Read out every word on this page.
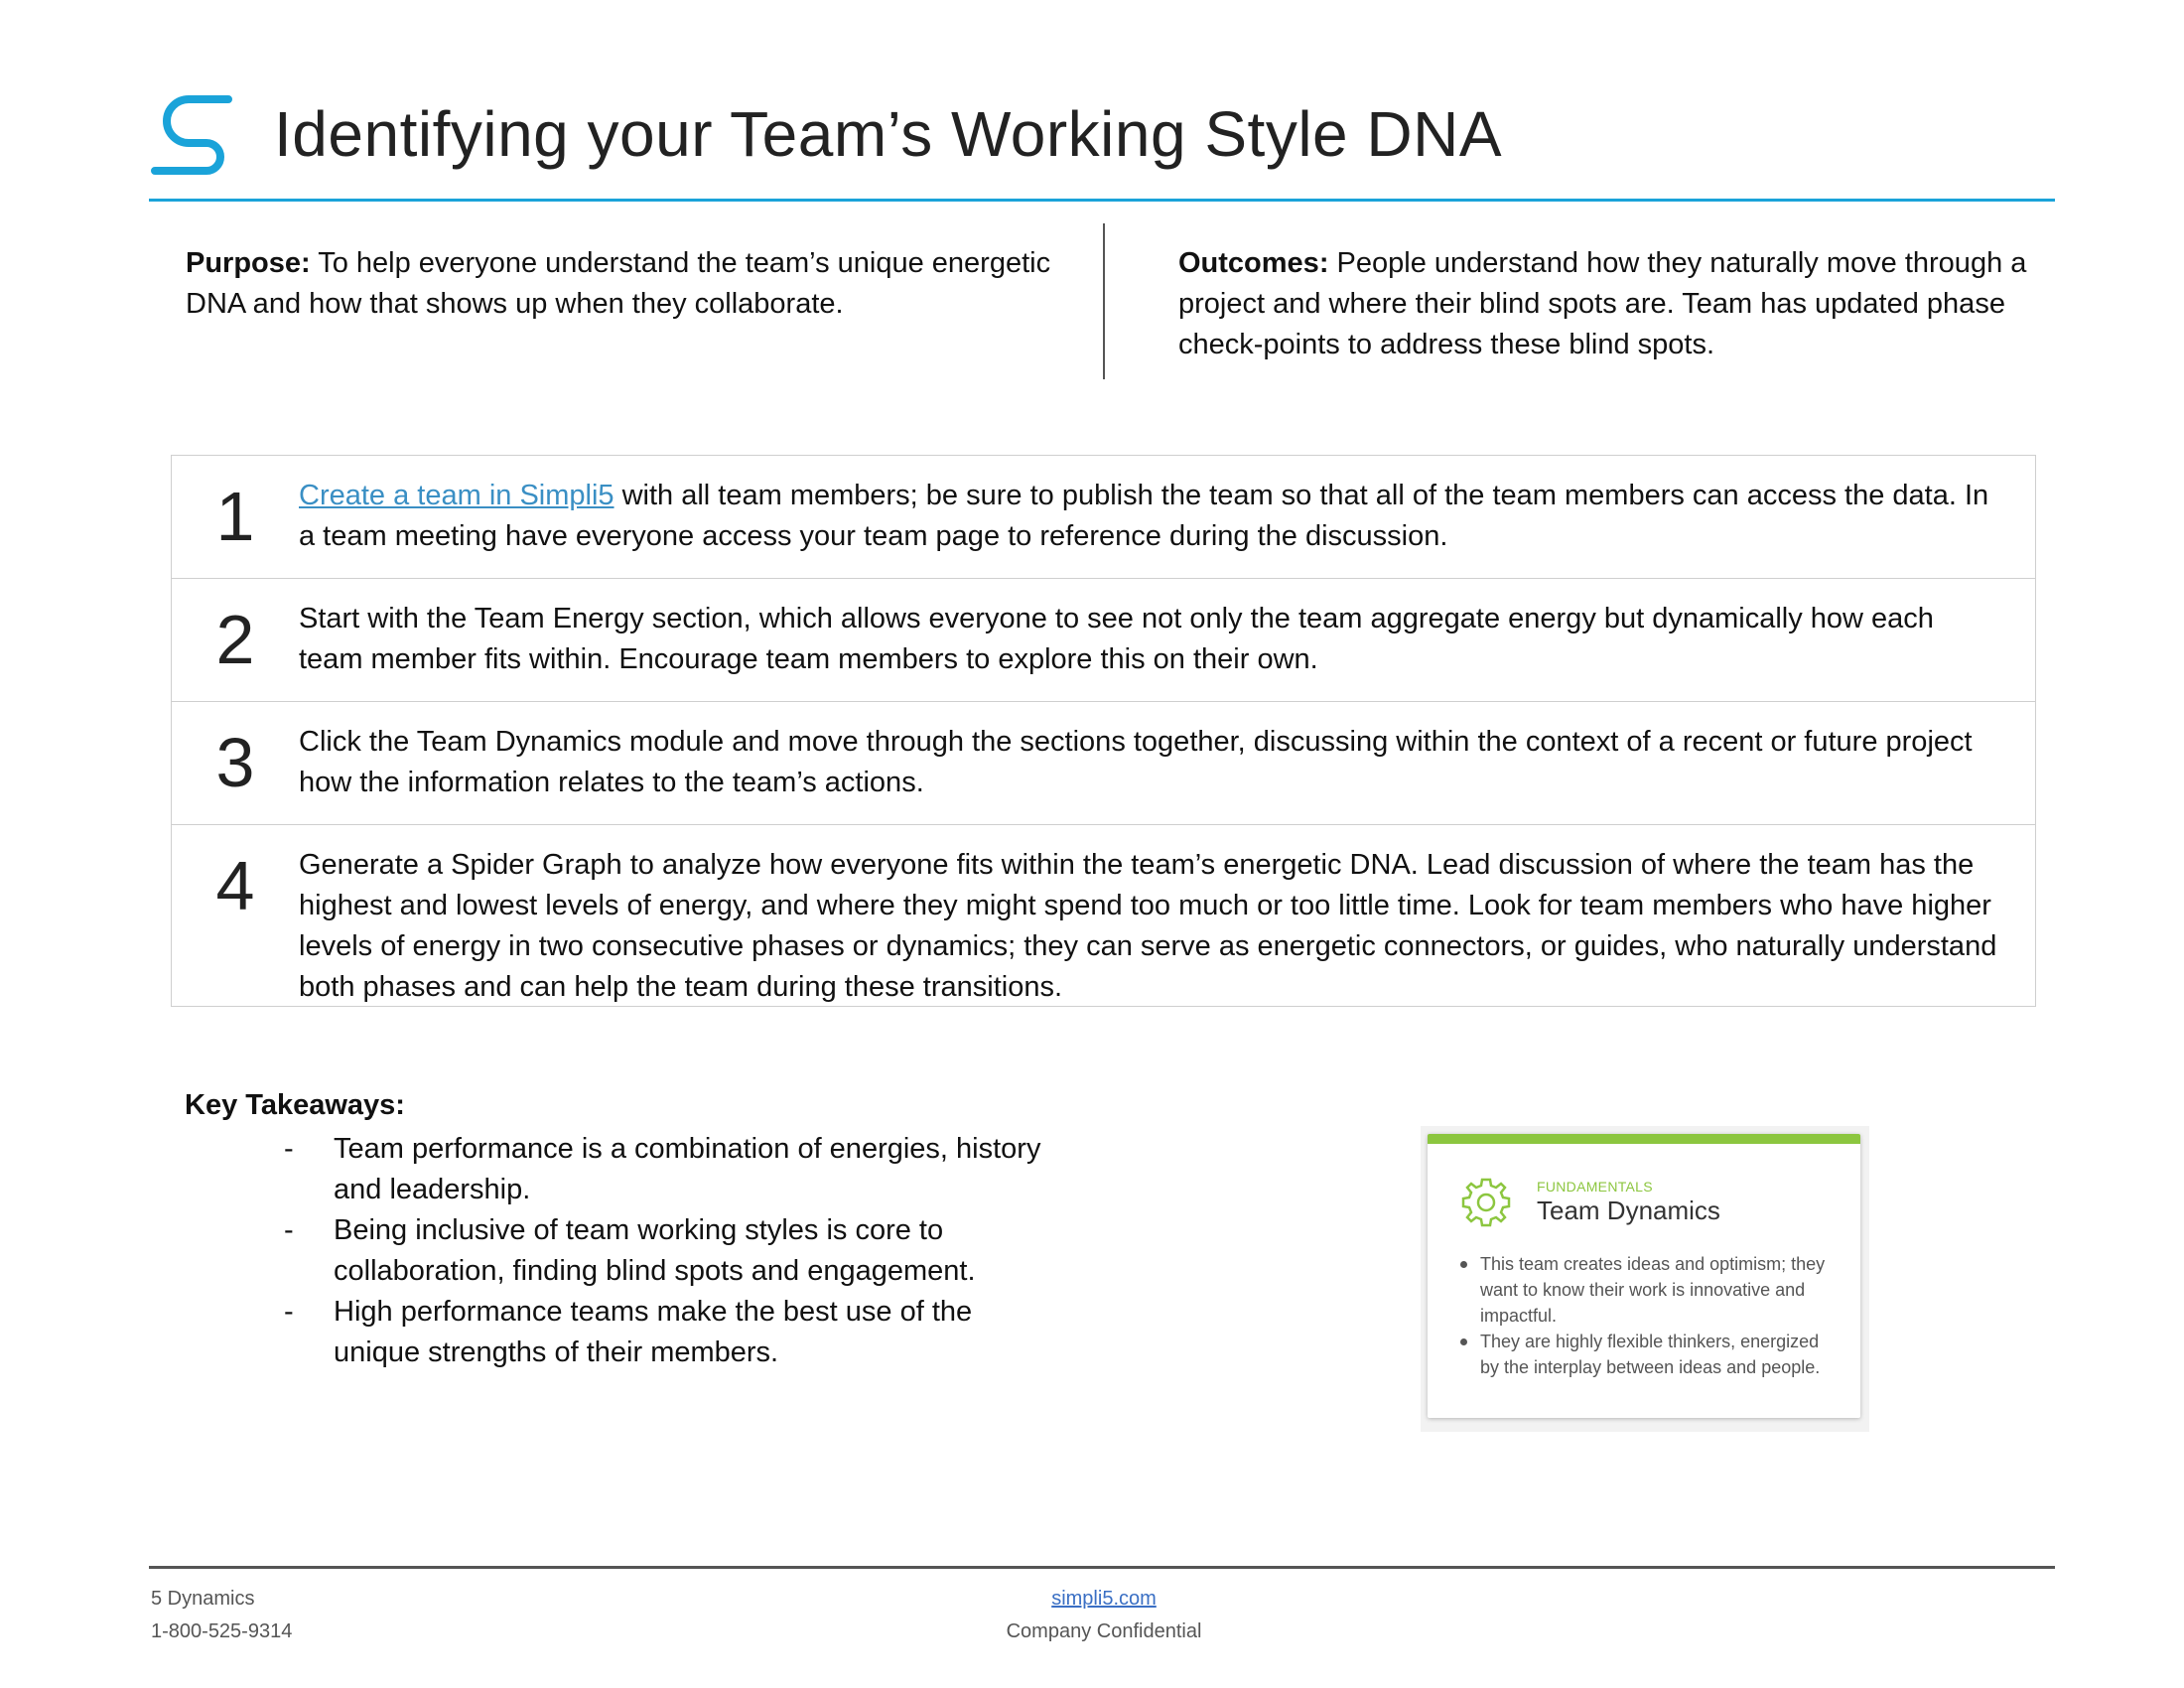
Identifying your Team’s Working Style DNA
Purpose: To help everyone understand the team’s unique energetic DNA and how that shows up when they collaborate.
Outcomes: People understand how they naturally move through a project and where their blind spots are. Team has updated phase check-points to address these blind spots.
1	Create a team in Simpli5 with all team members; be sure to publish the team so that all of the team members can access the data. In a team meeting have everyone access your team page to reference during the discussion.
2	Start with the Team Energy section, which allows everyone to see not only the team aggregate energy but dynamically how each team member fits within. Encourage team members to explore this on their own.
3	Click the Team Dynamics module and move through the sections together, discussing within the context of a recent or future project how the information relates to the team’s actions.
4	Generate a Spider Graph to analyze how everyone fits within the team’s energetic DNA. Lead discussion of where the team has the highest and lowest levels of energy, and where they might spend too much or too little time. Look for team members who have higher levels of energy in two consecutive phases or dynamics; they can serve as energetic connectors, or guides, who naturally understand both phases and can help the team during these transitions.
Key Takeaways:
- Team performance is a combination of energies, history and leadership.
- Being inclusive of team working styles is core to collaboration, finding blind spots and engagement.
- High performance teams make the best use of the unique strengths of their members.
FUNDAMENTALS
Team Dynamics
This team creates ideas and optimism; they want to know their work is innovative and impactful.
They are highly flexible thinkers, energized by the interplay between ideas and people.
5 Dynamics
1-800-525-9314
simpli5.com
Company Confidential
